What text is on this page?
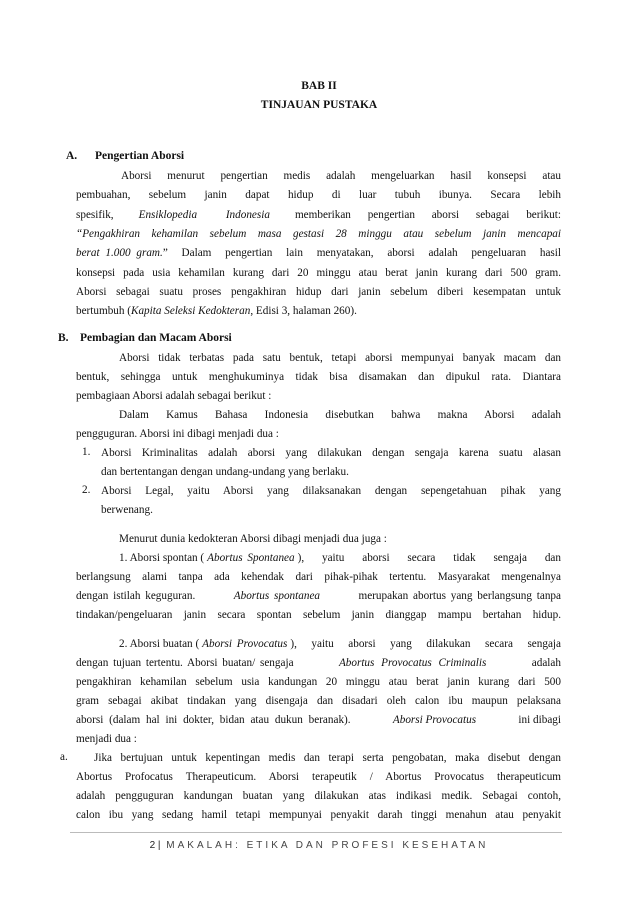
BAB II
TINJAUAN PUSTAKA
A. Pengertian Aborsi
Aborsi menurut pengertian medis adalah mengeluarkan hasil konsepsi atau
pembuahan, sebelum janin dapat hidup di luar tubuh ibunya. Secara lebih
spesifik, Ensiklopedia Indonesia memberikan pengertian aborsi sebagai berikut:
“Pengakhiran kehamilan sebelum masa gestasi 28 minggu atau sebelum janin mencapai
berat 1.000 gram. ” Dalam pengertian lain menyatakan, aborsi adalah pengeluaran hasil
konsepsi pada usia kehamilan kurang dari 20 minggu atau berat janin kurang dari 500 gram.
Aborsi sebagai suatu proses pengakhiran hidup dari janin sebelum diberi kesempatan untuk
bertumbuh (Kapita Seleksi Kedokteran, Edisi 3, halaman 260).
B. Pembagian dan Macam Aborsi
Aborsi tidak terbatas pada satu bentuk, tetapi aborsi mempunyai banyak macam dan
bentuk, sehingga untuk menghukuminya tidak bisa disamakan dan dipukul rata. Diantara
pembagiaan Aborsi adalah sebagai berikut :
Dalam Kamus Bahasa Indonesia disebutkan bahwa makna Aborsi adalah
pengguguran. Aborsi ini dibagi menjadi dua :
1. Aborsi Kriminalitas adalah aborsi yang dilakukan dengan sengaja karena suatu alasan
dan bertentangan dengan undang-undang yang berlaku.
2. Aborsi Legal, yaitu Aborsi yang dilaksanakan dengan sepengetahuan pihak yang
berwenang.
Menurut dunia kedokteran Aborsi dibagi menjadi dua juga :
1. Aborsi spontan ( Abortus Spontanea ), yaitu aborsi secara tidak sengaja dan
berlangsung alami tanpa ada kehendak dari pihak-pihak tertentu. Masyarakat mengenalnya
dengan istilah keguguran.	Abortus spontanea	merupakan abortus yang berlangsung tanpa
tindakan/pengeluaran janin secara spontan sebelum janin dianggap mampu bertahan hidup.
2. Aborsi buatan ( Aborsi Provocatus ), yaitu aborsi yang dilakukan secara sengaja
dengan tujuan tertentu. Aborsi buatan/ sengaja	Abortus Provocatus Criminalis	adalah
pengakhiran kehamilan sebelum usia kandungan 20 minggu atau berat janin kurang dari 500
gram sebagai akibat tindakan yang disengaja dan disadari oleh calon ibu maupun pelaksana
aborsi (dalam hal ini dokter, bidan atau dukun beranak).	Aborsi Provocatus	ini dibagi
menjadi dua :
a. Jika bertujuan untuk kepentingan medis dan terapi serta pengobatan, maka disebut dengan
Abortus Profocatus Therapeuticum. Aborsi terapeutik / Abortus Provocatus therapeuticum
adalah pengguguran kandungan buatan yang dilakukan atas indikasi medik. Sebagai contoh,
calon ibu yang sedang hamil tetapi mempunyai penyakit darah tinggi menahun atau penyakit
2 | MAKALAH: ETIKA DAN PROFESI KESEHATAN
